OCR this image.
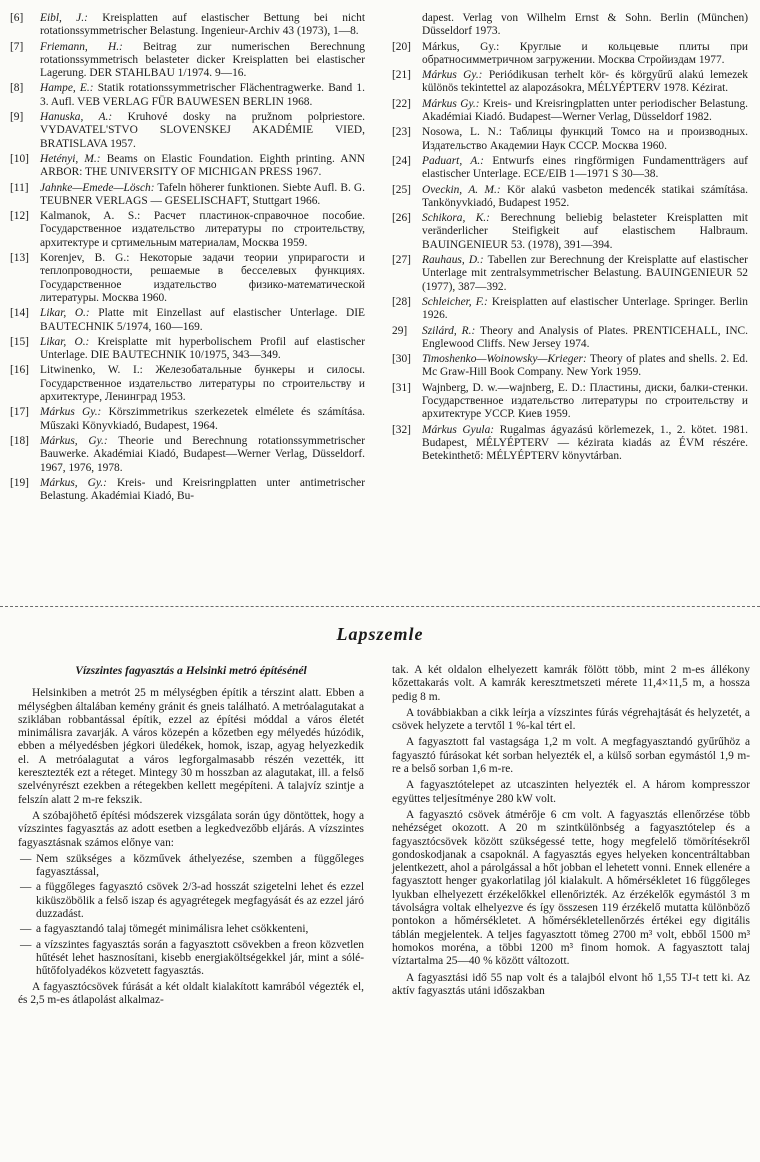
[6]	Eibl, J.: Kreisplatten auf elastischer Bettung bei nicht rotationssymmetrischer Belastung. Ingenieur-Archiv 43 (1973), 1—8.
[7]	Friemann, H.: Beitrag zur numerischen Berechnung rotationssymmetrisch belasteter dicker Kreisplatten bei elastischer Lagerung. DER STAHLBAU 1/1974. 9—16.
[8]	Hampe, E.: Statik rotationssymmetrischer Flächentragwerke. Band 1. 3. Aufl. VEB VERLAG FÜR BAUWESEN BERLIN 1968.
[9]	Hanuska, A.: Kruhové dosky na pružnom polpriestore. VYDAVATEL'STVO SLOVENSKEJ AKADÉMIE VIED, BRATISLAVA 1957.
[10] Hetényi, M.: Beams on Elastic Foundation. Eighth printing. ANN ARBOR: THE UNIVERSITY OF MICHIGAN PRESS 1967.
[11]	Jahnke—Emede—Lösch: Tafeln höherer funktionen. Siebte Aufl. B. G. TEUBNER VERLAGS — GESELISCHAFT, Stuttgart 1966.
[12] Kalmanok, A. S.: Расчет пластинок-справочное пособие. Государственное издательство литературы по строительству, архитектуре и сртимельным материалам, Москва 1959.
[13] Korenjev, B. G.: Некоторые задачи теории уприрагости и теплопроводности, решаемые в бесселевых функциях. Государственное издательство физико-математической литературы. Москва 1960.
[14] Likar, O.: Platte mit Einzellast auf elastischer Unterlage. DIE BAUTECHNIK 5/1974, 160—169.
[15] Likar, O.: Kreisplatte mit hyperbolischem Profil auf elastischer Unterlage. DIE BAUTECHNIK 10/1975, 343—349.
[16] Litwinenko, W. I.: Железобатальные бункеры и силосы. Государственное издательство литературы по строительству и архитектуре, Ленинград 1953.
[17] Márkus Gy.: Körszimmetrikus szerkezetek elmélete és számítása. Műszaki Könyvkiadó, Budapest, 1964.
[18] Márkus, Gy.: Theorie und Berechnung rotationssymmetrischer Bauwerke. Akadémiai Kiadó, Budapest—Werner Verlag, Düsseldorf. 1967, 1976, 1978.
[19] Márkus, Gy.: Kreis- und Kreisringplatten unter antimetrischer Belastung. Akadémiai Kiadó, Bu-
dapest. Verlag von Wilhelm Ernst & Sohn. Berlin (München) Düsseldorf 1973.
[20] Márkus, Gy.: Круглые и кольцевые плиты при обратносимметричном загружении. Москва Стройиздам 1977.
[21] Márkus Gy.: Periódikusan terhelt kör- és körgyűrű alakú lemezek különös tekintettel az alapozásokra, MÉLYÉPTERV 1978. Kézirat.
[22] Márkus Gy.: Kreis- und Kreisringplatten unter periodischer Belastung. Akadémiai Kiadó. Budapest—Werner Verlag, Düsseldorf 1982.
[23] Nosowa, L. N.: Таблицы функций Томсо на и производных. Издательство Академии Наук СССР. Москва 1960.
[24] Paduart, A.: Entwurfs eines ringförmigen Fundamentträgers auf elastischer Unterlage. ECE/EIB 1—1971 S 30—38.
[25] Oveckin, A. M.: Kör alakú vasbeton medencék statikai számítása. Tankönyvkiadó, Budapest 1952.
[26] Schikora, K.: Berechnung beliebig belasteter Kreisplatten mit veränderlicher Steifigkeit auf elastischem Halbraum. BAUINGENIEUR 53. (1978), 391—394.
[27] Rauhaus, D.: Tabellen zur Berechnung der Kreisplatte auf elastischer Unterlage mit zentralsymmetrischer Belastung. BAUINGENIEUR 52 (1977), 387—392.
[28] Schleicher, F.: Kreisplatten auf elastischer Unterlage. Springer. Berlin 1926.
29]	Szilárd, R.: Theory and Analysis of Plates. PRENTICEHALL, INC. Englewood Cliffs. New Jersey 1974.
[30] Timoshenko—Woinowsky—Krieger: Theory of plates and shells. 2. Ed. Mc Graw-Hill Book Company. New York 1959.
[31] Wajnberg, D. w.—wajnberg, E. D.: Пластины, диски, балки-стенки. Государственное издательство литературы по строительству и архитектуре УССР. Киев 1959.
[32] Márkus Gyula: Rugalmas ágyazású körlemezek, 1., 2. kötet. 1981. Budapest, MÉLYÉPTERV — kézirata kiadás az ÉVM részére. Betekinthető: MÉLYÉPTERV könyvtárban.
Lapszemle
Vízszintes fagyasztás a Helsinki metró építésénél

Helsinkiben a metrót 25 m mélységben építik a térszint alatt. Ebben a mélységben általában kemény gránit és gneis található. A metróalagutakat a sziklában robbantással építik, ezzel az építési móddal a város életét minimálisra zavarják. A város közepén a kőzetben egy mélyedés húzódik, ebben a mélyedésben jégkori üledékek, homok, iszap, agyag helyezkedik el. A metróalagutat a város legforgalmasabb részén vezették, itt keresztezték ezt a réteget. Mintegy 30 m hosszban az alagutakat, ill. a felső szelvényrészt ezekben a rétegekben kellett megépíteni. A talajvíz szintje a felszín alatt 2 m-re fekszik.

A szóbajöhető építési módszerek vizsgálata során úgy döntöttek, hogy a vízszintes fagyasztás az adott esetben a legkedvezőbb eljárás. A vízszintes fagyasztásnak számos előnye van:

— Nem szükséges a közművek áthelyezése, szemben a függőleges fagyasztással,
— a függőleges fagyasztó csövek 2/3-ad hosszát szigetelni lehet és ezzel kiküszöbölik a felső iszap és agyagrétegek megfagyását és az ezzel járó duzzadást.
— a fagyasztandó talaj tömegét minimálisra lehet csökkenteni,
— a vízszintes fagyasztás során a fagyasztott csövekben a freon közvetlen hűtését lehet hasznosítani, kisebb energiaköltségekkel jár, mint a sólé-hűtőfolyadékos közvetett fagyasztás.

A fagyasztócsövek fúrását a két oldalt kialakított kamrából végezték el, és 2,5 m-es átlapolást alkalmaz-

tak. A két oldalon elhelyezett kamrák fölött több, mint 2 m-es állékony kőzettakarás volt. A kamrák keresztmetszeti mérete 11,4×11,5 m, a hossza pedig 8 m.

A továbbiakban a cikk leírja a vízszintes fúrás végrehajtását és helyzetét, a csövek helyzete a tervtől 1 %-kal tért el.

A fagyasztott fal vastagsága 1,2 m volt. A megfagyasztandó gyűrűhöz a fagyasztó fúrásokat két sorban helyezték el, a külső sorban egymástól 1,9 m-re a belső sorban 1,6 m-re.

A fagyasztótelepet az utcaszinten helyezték el. A három kompresszor együttes teljesítménye 280 kW volt.

A fagyasztó csövek átmérője 6 cm volt. A fagyasztás ellenőrzése több nehézséget okozott. A 20 m szintkülönbség a fagyasztótelep és a fagyasztócsövek között szükségessé tette, hogy megfelelő tömörítésekről gondoskodjanak a csapoknál. A fagyasztás egyes helyeken koncentráltabban jelentkezett, ahol a párolgással a hőt jobban el lehetett vonni. Ennek ellenére a fagyasztott henger gyakorlatilag jól kialakult. A hőmérsékletet 16 függőleges lyukban elhelyezett érzékelőkkel ellenőrizték. Az érzékelők egymástól 3 m távolságra voltak elhelyezve és így összesen 119 érzékelő mutatta különböző pontokon a hőmérsékletet. A hőmérsékletellenőrzés értékei egy digitális táblán megjelentek. A teljes fagyasztott tömeg 2700 m³ volt, ebből 1500 m³ homokos moréna, a többi 1200 m³ finom homok. A fagyasztott talaj víztartalma 25—40 % között változott.

A fagyasztási idő 55 nap volt és a talajból elvont hő 1,55 TJ-t tett ki. Az aktív fagyasztás utáni időszakban
